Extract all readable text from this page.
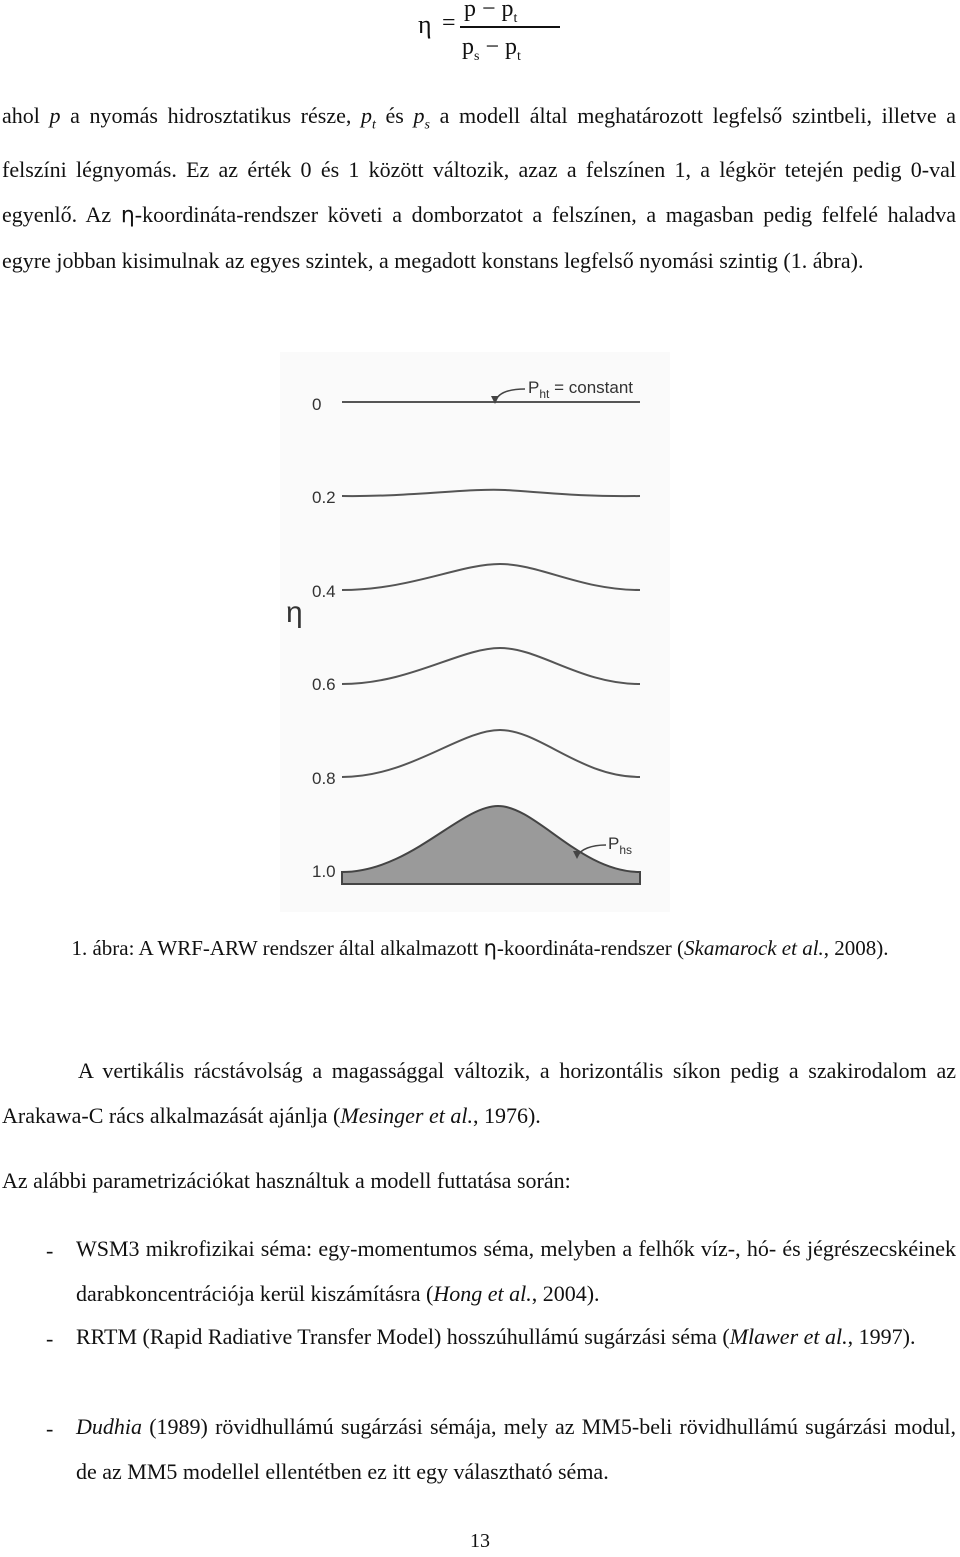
η =
$p - p_t$
$p_s - p_t$
ahol p a nyomás hidrosztatikus része, $p_t$ és $p_s$ a modell által meghatározott legfelső szintbeli, illetve a felszíni légnyomás. Ez az érték 0 és 1 között változik, azaz a felszínen 1, a légkör tetején pedig 0-val egyenlő. Az η-koordináta-rendszer követi a domborzatot a felszínen, a magasban pedig felfelé haladva egyre jobban kisimulnak az egyes szintek, a megadott konstans legfelső nyomási szintig (1. ábra).
η
0
0.2
0.4
0.6
0.8
1.0
$P_{ht}$ = constant
$P_{hs}$
1. ábra: A WRF-ARW rendszer által alkalmazott η-koordináta-rendszer (Skamarock et al., 2008).
A vertikális rácstávolság a magassággal változik, a horizontális síkon pedig a szakirodalom az Arakawa-C rács alkalmazását ajánlja (Mesinger et al., 1976).
Az alábbi parametrizációkat használtuk a modell futtatása során:
- WSM3 mikrofizikai séma: egy-momentumos séma, melyben a felhők víz-, hó- és jégrészecskéinek darabkoncentrációja kerül kiszámításra (Hong et al., 2004).
- RRTM (Rapid Radiative Transfer Model) hosszúhullámú sugárzási séma (Mlawer et al., 1997).
- Dudhia (1989) rövidhullámú sugárzási sémája, mely az MM5-beli rövidhullámú sugárzási modul, de az MM5 modellel ellentétben ez itt egy választható séma.
13
